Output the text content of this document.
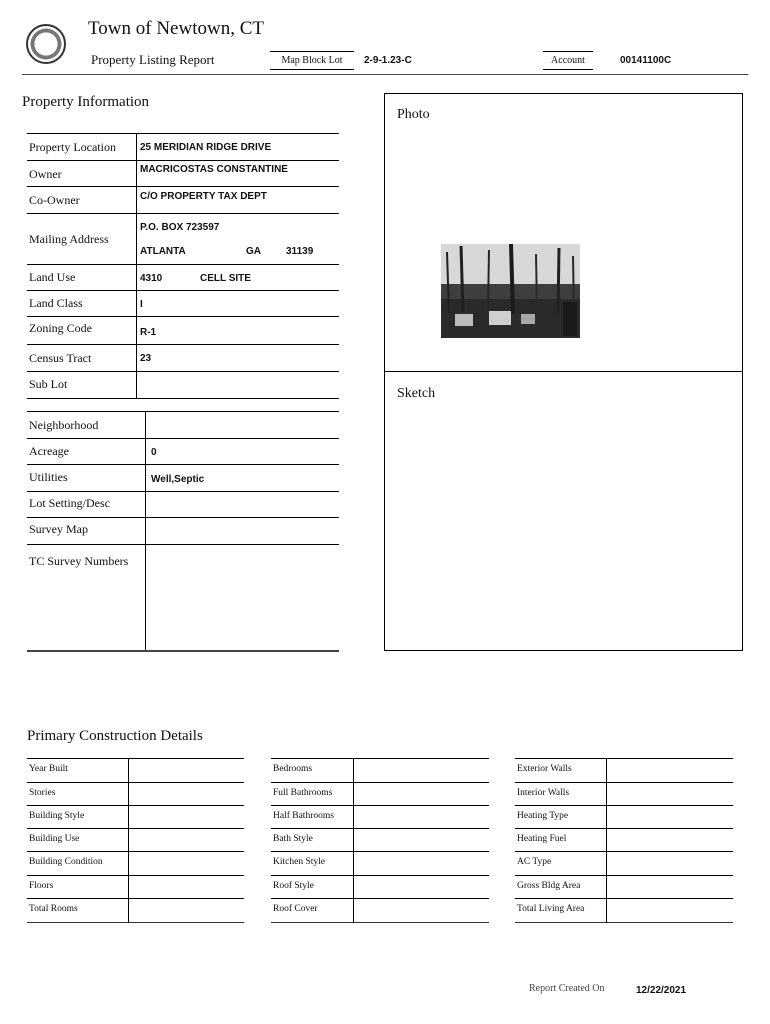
Town of Newtown, CT
Property Listing Report	Map Block Lot	2-9-1.23-C	Account	00141100C
Property Information
Property Location 25 MERIDIAN RIDGE DRIVE
Owner	MACRICOSTAS CONSTANTINE
Co-Owner	C/O PROPERTY TAX DEPT
Mailing Address
P.O. BOX 723597
ATLANTA	GA	31139
Land Use	4310	CELL SITE
Land Class	I
Zoning Code	R-1
Census Tract	23
Sub Lot
Neighborhood
Acreage	0
Utilities	Well,Septic
Lot Setting/Desc
Survey Map
TC Survey Numbers
Photo
Sketch
Primary Construction Details
Year Built
Stories
Building Style
Building Use
Building Condition
Floors
Total Rooms
Bedrooms
Full Bathrooms
Half Bathrooms
Bath Style
Kitchen Style
Roof Style
Roof Cover
Exterior Walls
Interior Walls
Heating Type
Heating Fuel
AC Type
Gross Bldg Area
Total Living Area
Report Created On	12/22/2021
